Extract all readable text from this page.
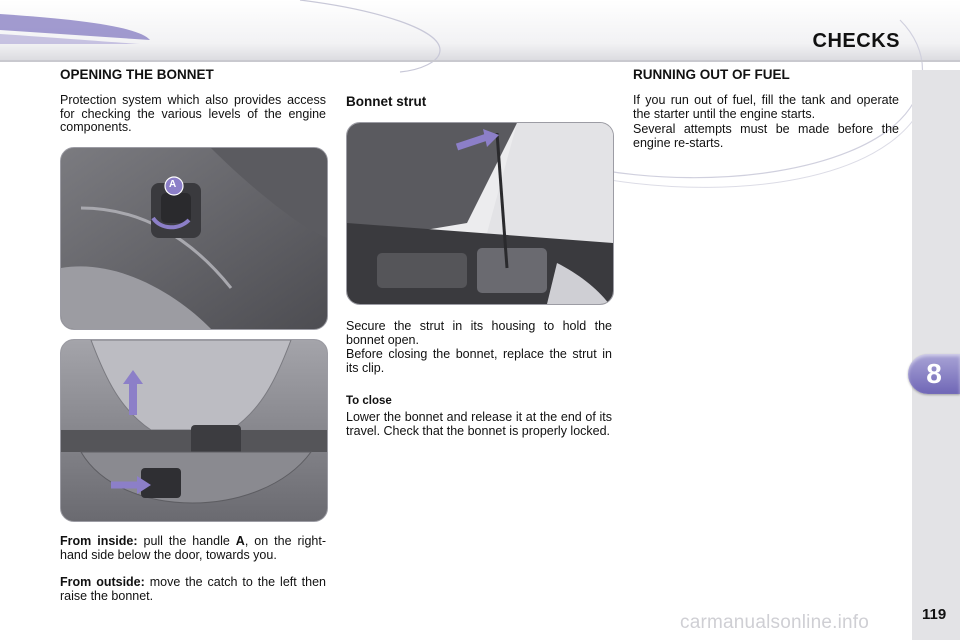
CHECKS
8
OPENING THE BONNET

Protection system which also provides access for checking the various levels of the engine components.

A

From inside: pull the handle A, on the right-hand side below the door, towards you.

From outside: move the catch to the left then raise the bonnet.

Bonnet strut

Secure the strut in its housing to hold the bonnet open.

Before closing the bonnet, replace the strut in its clip.

To close

Lower the bonnet and release it at the end of its travel. Check that the bonnet is properly locked.

RUNNING OUT OF FUEL

If you run out of fuel, fill the tank and operate the starter until the engine starts.

Several attempts must be made before the engine re-starts.

carmanualsonline.info	119
